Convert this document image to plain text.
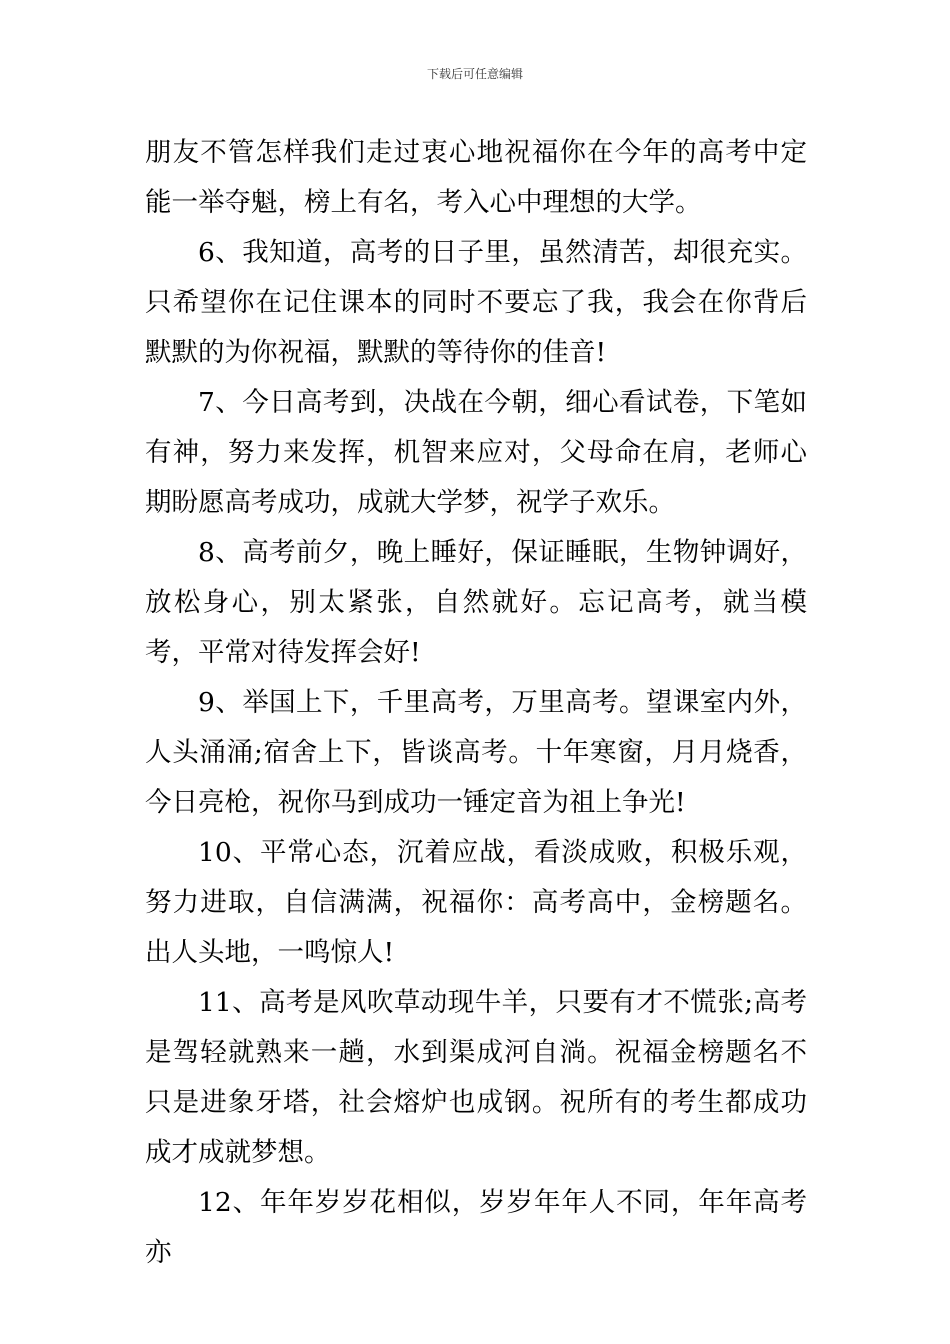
下载后可任意编辑

朋友不管怎样我们走过衷心地祝福你在今年的高考中定能一举夺魁，榜上有名，考入心中理想的大学。

6、我知道，高考的日子里，虽然清苦，却很充实。只希望你在记住课本的同时不要忘了我，我会在你背后默默的为你祝福，默默的等待你的佳音!

7、今日高考到，决战在今朝，细心看试卷，下笔如有神，努力来发挥，机智来应对，父母命在肩，老师心期盼愿高考成功，成就大学梦，祝学子欢乐。

8、高考前夕，晚上睡好，保证睡眠，生物钟调好，放松身心，别太紧张，自然就好。忘记高考，就当模考，平常对待发挥会好!

9、举国上下，千里高考，万里高考。望课室内外，人头涌涌;宿舍上下，皆谈高考。十年寒窗，月月烧香，今日亮枪，祝你马到成功一锤定音为祖上争光!

10、平常心态，沉着应战，看淡成败，积极乐观，努力进取，自信满满，祝福你：高考高中，金榜题名。出人头地，一鸣惊人!

11、高考是风吹草动现牛羊，只要有才不慌张;高考是驾轻就熟来一趟，水到渠成河自淌。祝福金榜题名不只是进象牙塔，社会熔炉也成钢。祝所有的考生都成功成才成就梦想。

12、年年岁岁花相似，岁岁年年人不同，年年高考亦
